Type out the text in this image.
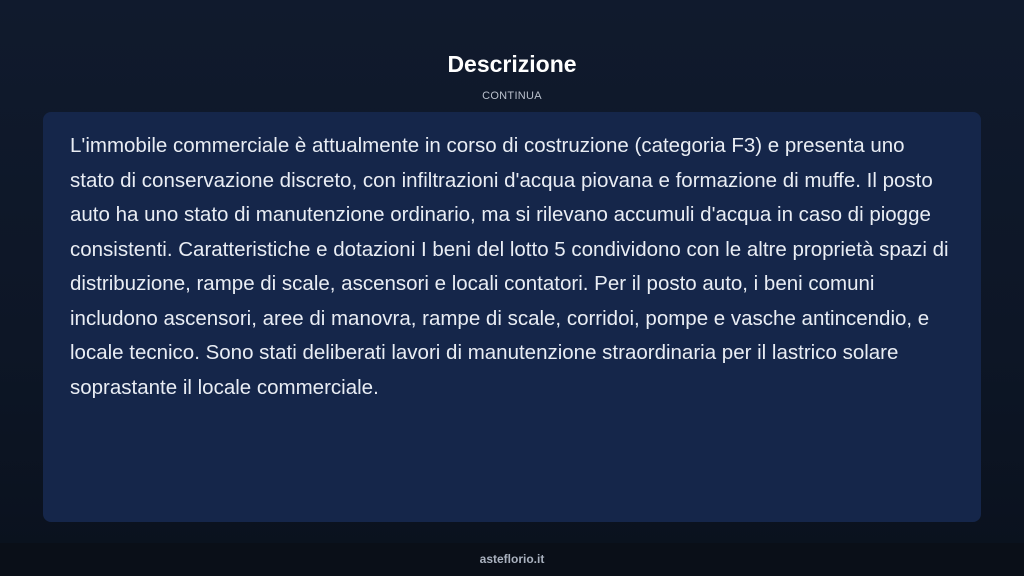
Descrizione
CONTINUA

L'immobile commerciale è attualmente in corso di costruzione (categoria F3) e presenta uno stato di conservazione discreto, con infiltrazioni d'acqua piovana e formazione di muffe. Il posto auto ha uno stato di manutenzione ordinario, ma si rilevano accumuli d'acqua in caso di piogge consistenti. Caratteristiche e dotazioni I beni del lotto 5 condividono con le altre proprietà spazi di distribuzione, rampe di scale, ascensori e locali contatori. Per il posto auto, i beni comuni includono ascensori, aree di manovra, rampe di scale, corridoi, pompe e vasche antincendio, e locale tecnico. Sono stati deliberati lavori di manutenzione straordinaria per il lastrico solare soprastante il locale commerciale.

asteflorio.it
